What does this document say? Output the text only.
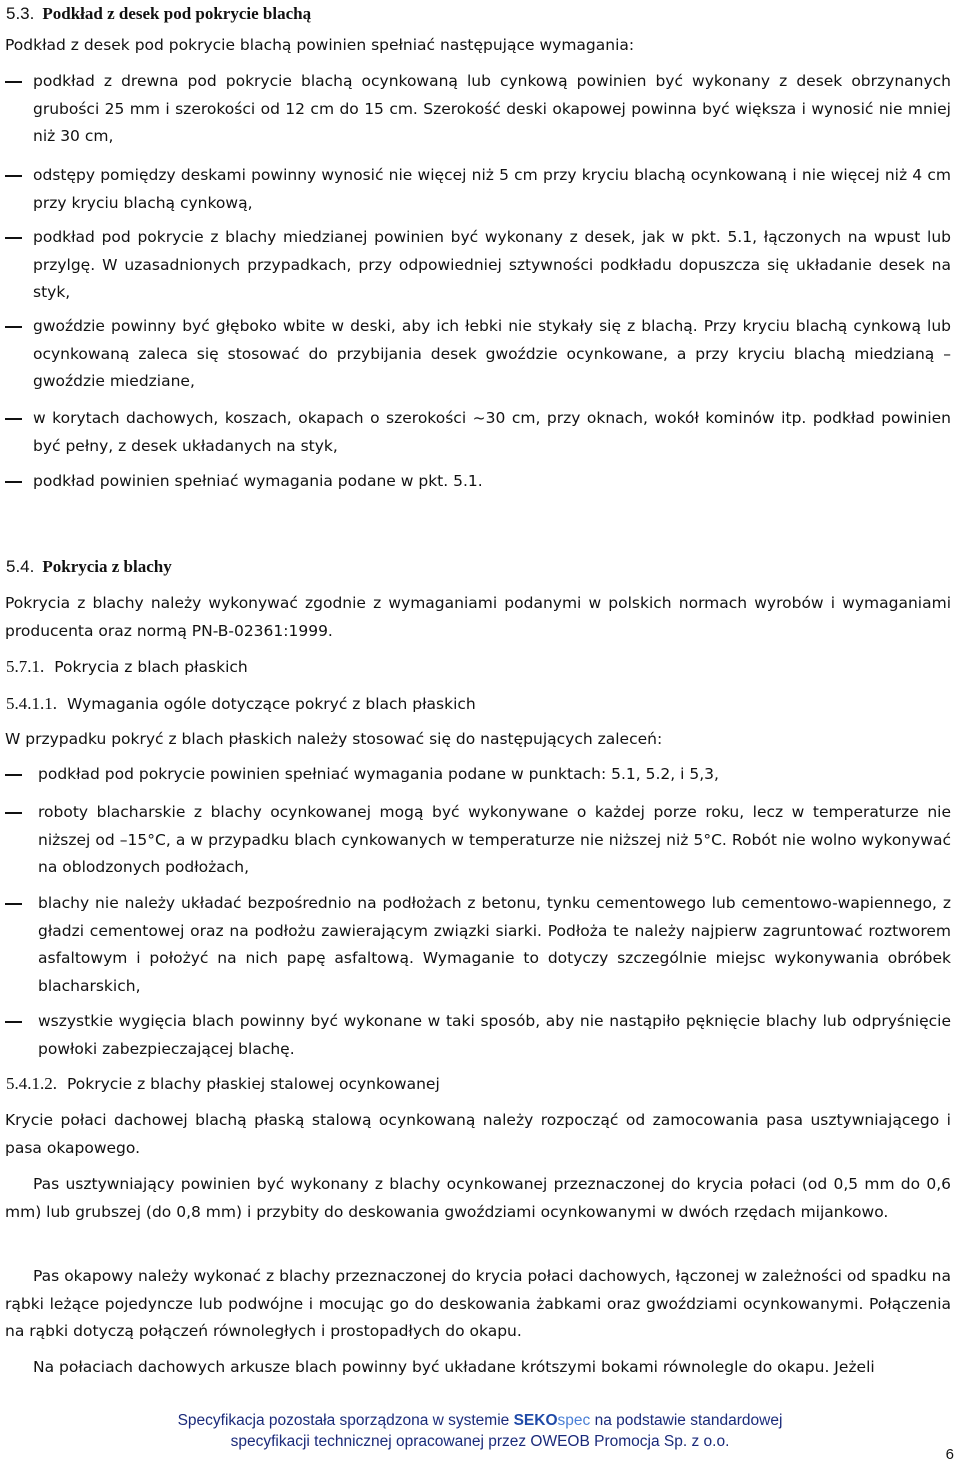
5.3. Podkład z desek pod pokrycie blachą
Podkład z desek pod pokrycie blachą powinien spełniać następujące wymagania:
podkład z drewna pod pokrycie blachą ocynkowaną lub cynkową powinien być wykonany z desek obrzynanych grubości 25 mm i szerokości od 12 cm do 15 cm. Szerokość deski okapowej powinna być większa i wynosić nie mniej niż 30 cm,
odstępy pomiędzy deskami powinny wynosić nie więcej niż 5 cm przy kryciu blachą ocynkowaną i nie więcej niż 4 cm przy kryciu blachą cynkową,
podkład pod pokrycie z blachy miedzianej powinien być wykonany z desek, jak w pkt. 5.1, łączonych na wpust lub przylgę. W uzasadnionych przypadkach, przy odpowiedniej sztywności podkładu dopuszcza się układanie desek na styk,
gwoździe powinny być głęboko wbite w deski, aby ich łebki nie stykały się z blachą. Przy kryciu blachą cynkową lub ocynkowaną zaleca się stosować do przybijania desek gwoździe ocynkowane, a przy kryciu blachą miedzianą – gwoździe miedziane,
w korytach dachowych, koszach, okapach o szerokości ~30 cm, przy oknach, wokół kominów itp. podkład powinien być pełny, z desek układanych na styk,
podkład powinien spełniać wymagania podane w pkt. 5.1.
5.4. Pokrycia z blachy
Pokrycia z blachy należy wykonywać zgodnie z wymaganiami podanymi w polskich normach wyrobów i wymaganiami producenta oraz normą PN-B-02361:1999.
5.7.1. Pokrycia z blach płaskich
5.4.1.1. Wymagania ogóle dotyczące pokryć z blach płaskich
W przypadku pokryć z blach płaskich należy stosować się do następujących zaleceń:
podkład pod pokrycie powinien spełniać wymagania podane w punktach: 5.1, 5.2, i 5,3,
roboty blacharskie z blachy ocynkowanej mogą być wykonywane o każdej porze roku, lecz w temperaturze nie niższej od –15°C, a w przypadku blach cynkowanych w temperaturze nie niższej niż 5°C. Robót nie wolno wykonywać na oblodzonych podłożach,
blachy nie należy układać bezpośrednio na podłożach z betonu, tynku cementowego lub cementowo-wapiennego, z gładzi cementowej oraz na podłożu zawierającym związki siarki. Podłoża te należy najpierw zagruntować roztworem asfaltowym i położyć na nich papę asfaltową. Wymaganie to dotyczy szczególnie miejsc wykonywania obróbek blacharskich,
wszystkie wygięcia blach powinny być wykonane w taki sposób, aby nie nastąpiło pęknięcie blachy lub odpryśnięcie powłoki zabezpieczającej blachę.
5.4.1.2. Pokrycie z blachy płaskiej stalowej ocynkowanej
Krycie połaci dachowej blachą płaską stalową ocynkowaną należy rozpocząć od zamocowania pasa usztywniającego i pasa okapowego.
Pas usztywniający powinien być wykonany z blachy ocynkowanej przeznaczonej do krycia połaci (od 0,5 mm do 0,6 mm) lub grubszej (do 0,8 mm) i przybity do deskowania gwoździami ocynkowanymi w dwóch rzędach mijankowo.
Pas okapowy należy wykonać z blachy przeznaczonej do krycia połaci dachowych, łączonej w zależności od spadku na rąbki leżące pojedyncze lub podwójne i mocując go do deskowania żabkami oraz gwoździami ocynkowanymi. Połączenia na rąbki dotyczą połączeń równoległych i prostopadłych do okapu.
Na połaciach dachowych arkusze blach powinny być układane krótszymi bokami równolegle do okapu. Jeżeli
Specyfikacja pozostała sporządzona w systemie SEKOspec na podstawie standardowej
specyfikacji technicznej opracowanej przez OWEOB Promocja Sp. z o.o.
6
